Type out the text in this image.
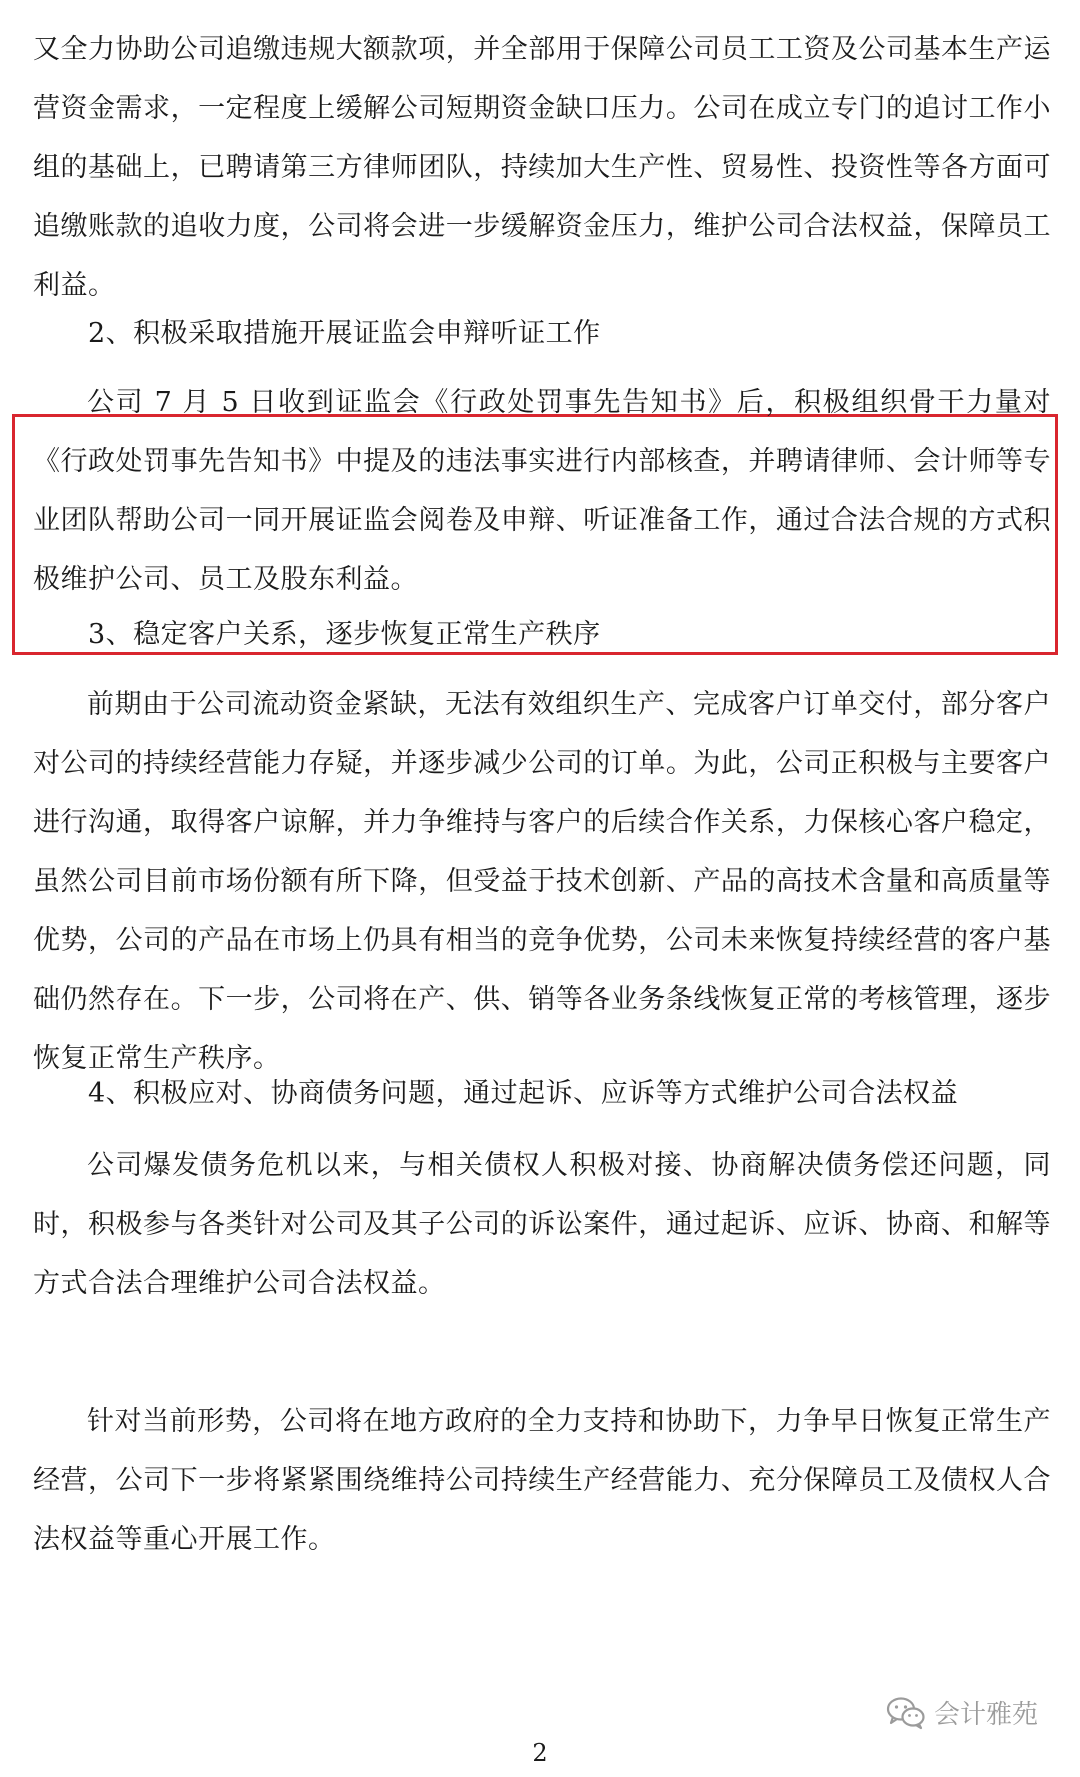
又全力协助公司追缴违规大额款项，并全部用于保障公司员工工资及公司基本生产运营资金需求，一定程度上缓解公司短期资金缺口压力。公司在成立专门的追讨工作小组的基础上，已聘请第三方律师团队，持续加大生产性、贸易性、投资性等各方面可追缴账款的追收力度，公司将会进一步缓解资金压力，维护公司合法权益，保障员工利益。

2、积极采取措施开展证监会申辩听证工作

公司 7 月 5 日收到证监会《行政处罚事先告知书》后，积极组织骨干力量对《行政处罚事先告知书》中提及的违法事实进行内部核查，并聘请律师、会计师等专业团队帮助公司一同开展证监会阅卷及申辩、听证准备工作，通过合法合规的方式积极维护公司、员工及股东利益。

3、稳定客户关系，逐步恢复正常生产秩序

前期由于公司流动资金紧缺，无法有效组织生产、完成客户订单交付，部分客户对公司的持续经营能力存疑，并逐步减少公司的订单。为此，公司正积极与主要客户进行沟通，取得客户谅解，并力争维持与客户的后续合作关系，力保核心客户稳定，虽然公司目前市场份额有所下降，但受益于技术创新、产品的高技术含量和高质量等优势，公司的产品在市场上仍具有相当的竞争优势，公司未来恢复持续经营的客户基础仍然存在。下一步，公司将在产、供、销等各业务条线恢复正常的考核管理，逐步恢复正常生产秩序。

4、积极应对、协商债务问题，通过起诉、应诉等方式维护公司合法权益

公司爆发债务危机以来，与相关债权人积极对接、协商解决债务偿还问题，同时，积极参与各类针对公司及其子公司的诉讼案件，通过起诉、应诉、协商、和解等方式合法合理维护公司合法权益。

针对当前形势，公司将在地方政府的全力支持和协助下，力争早日恢复正常生产经营，公司下一步将紧紧围绕维持公司持续生产经营能力、充分保障员工及债权人合法权益等重心开展工作。

会计雅苑
2
